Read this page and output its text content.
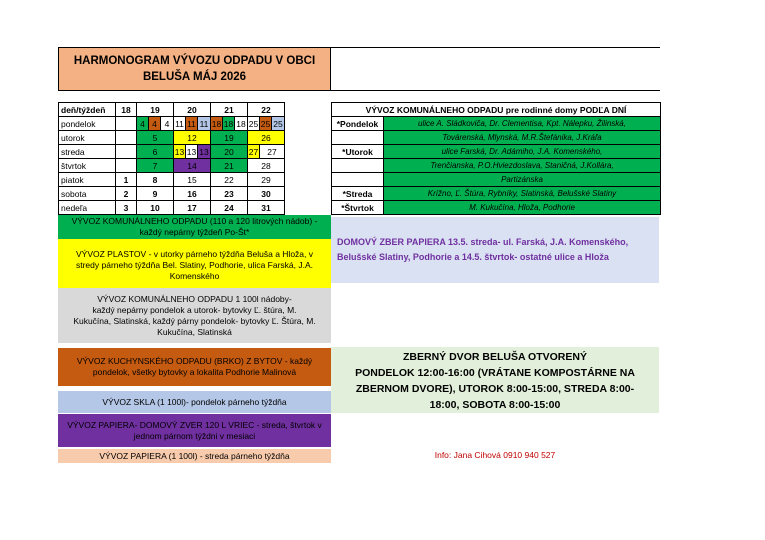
HARMONOGRAM VÝVOZU ODPADU V OBCI
BELUŠA MÁJ 2026
deň/týždeň	18	19			20			21			22		
pondelok		4	4	4	11	11	11	18	18	18	25	25	25
utorok		5			12			19			26		
streda		6			13	13	13	20			27	27	
štvrtok		7			14			21			28		
piatok	1	8			15			22			29		
sobota	2	9			16			23			30		
nedeľa	3	10			17			24			31		
VÝVOZ KOMUNÁLNEHO ODPADU pre rodinné domy PODĽA DNÍ	
*Pondelok	ulice A. Sládkoviča, Dr. Clementisa, Kpt. Nálepku, Žilinská,
	Továrenská, Mlynská, M.R.Štefánika, J.Kráľa
*Utorok	ulice Farská, Dr. Adámiho, J.A. Komenského,
	Trenčianska, P.O.Hviezdoslava, Staničná, J.Kollára,
	Partizánska
*Streda	Krížno, Ľ. Štúra, Rybníky, Slatinská, Belušské Slatiny
*Štvrtok	M. Kukučína, Hloža, Podhorie
VÝVOZ KOMUNÁLNEHO ODPADU (110 a 120 litrových nádob) -
každý nepárny týždeň Po-Št*
VÝVOZ PLASTOV - v utorky párneho týždňa Beluša a Hloža, v
stredy párneho týždňa Bel. Slatiny, Podhorie, ulica Farská, J.A.
Komenského
VÝVOZ KOMUNÁLNEHO ODPADU 1 100l nádoby-
každý nepárny pondelok a utorok- bytovky Ľ. štúra, M.
Kukučína, Slatinská, každý párny pondelok- bytovky Ľ. Štúra, M.
Kukučína, Slatinská
VÝVOZ KUCHYNSKÉHO ODPADU (BRKO) Z BYTOV - každý
pondelok, všetky bytovky a lokalita Podhorie Malinová
VÝVOZ SKLA (1 100l)- pondelok párneho týždňa
VÝVOZ PAPIERA- DOMOVÝ ZVER 120 L VRIEC - streda, štvrtok v
jednom párnom týždni v mesiaci
VÝVOZ PAPIERA (1 100l) - streda párneho týždňa
DOMOVÝ ZBER PAPIERA 13.5. streda- ul. Farská, J.A. Komenského,
Belušské Slatiny, Podhorie a 14.5. štvrtok- ostatné ulice a Hloža
ZBERNÝ DVOR BELUŠA OTVORENÝ
PONDELOK 12:00-16:00 (VRÁTANE KOMPOSTÁRNE NA
ZBERNOM DVORE), UTOROK 8:00-15:00, STREDA 8:00-
18:00, SOBOTA 8:00-15:00
Info: Jana Cihová 0910 940 527
